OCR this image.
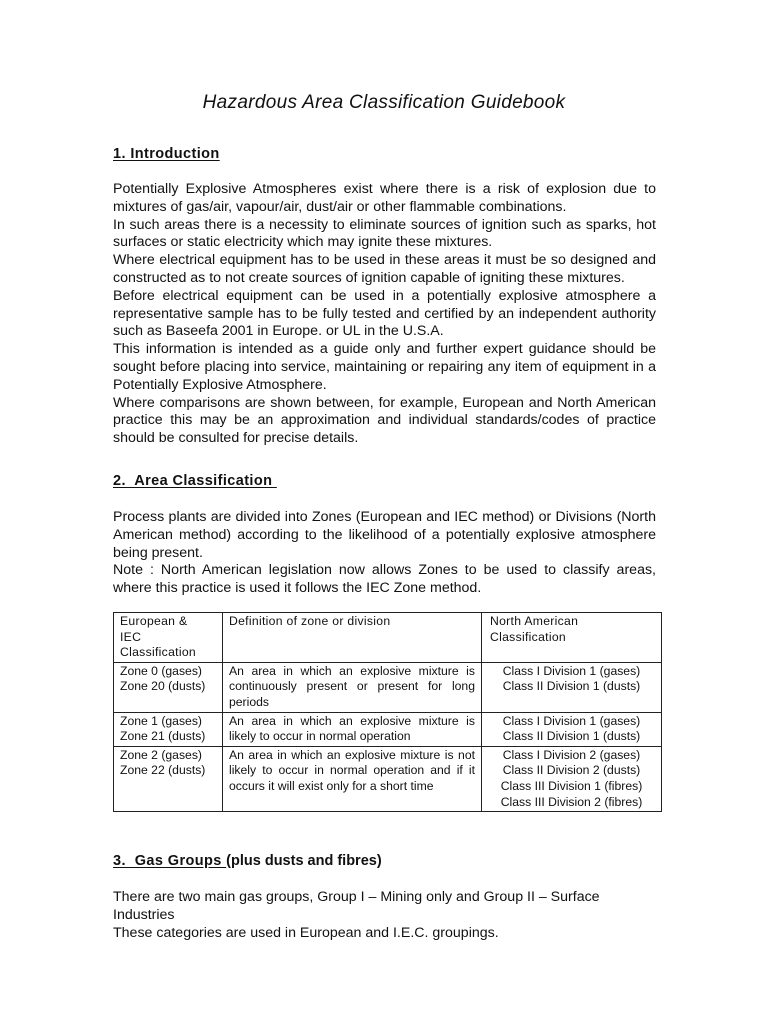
Hazardous Area Classification Guidebook
1. Introduction

Potentially Explosive Atmospheres exist where there is a risk of explosion due to mixtures of gas/air, vapour/air, dust/air or other flammable combinations.

In such areas there is a necessity to eliminate sources of ignition such as sparks, hot surfaces or static electricity which may ignite these mixtures.

Where electrical equipment has to be used in these areas it must be so designed and constructed as to not create sources of ignition capable of igniting these mixtures.

Before electrical equipment can be used in a potentially explosive atmosphere a representative sample has to be fully tested and certified by an independent authority such as Baseefa 2001 in Europe. or UL in the U.S.A.

This information is intended as a guide only and further expert guidance should be sought before placing into service, maintaining or repairing any item of equipment in a Potentially Explosive Atmosphere.

Where comparisons are shown between, for example, European and North American practice this may be an approximation and individual standards/codes of practice should be consulted for precise details.

2.  Area Classification

Process plants are divided into Zones (European and IEC method) or Divisions (North American method) according to the likelihood of a potentially explosive atmosphere being present.

Note : North American legislation now allows Zones to be used to classify areas, where this practice is used it follows the IEC Zone method.

European &
IEC
Classification	Definition of zone or division	North American
Classification

Zone 0 (gases)
Zone 20 (dusts)	An area in which an explosive mixture is continuously present or present for long periods	Class I Division 1 (gases)
Class II Division 1 (dusts)

Zone 1 (gases)
Zone 21 (dusts)	An area in which an explosive mixture is likely to occur in normal operation	Class I Division 1 (gases)
Class II Division 1 (dusts)

Zone 2 (gases)
Zone 22 (dusts)	An area in which an explosive mixture is not likely to occur in normal operation and if it occurs it will exist only for a short time	Class I Division 2 (gases)
Class II Division 2 (dusts)
Class III Division 1 (fibres)
Class III Division 2 (fibres)
3.  Gas Groups (plus dusts and fibres)

There are two main gas groups, Group I – Mining only and Group II – Surface Industries

These categories are used in European and I.E.C. groupings.
